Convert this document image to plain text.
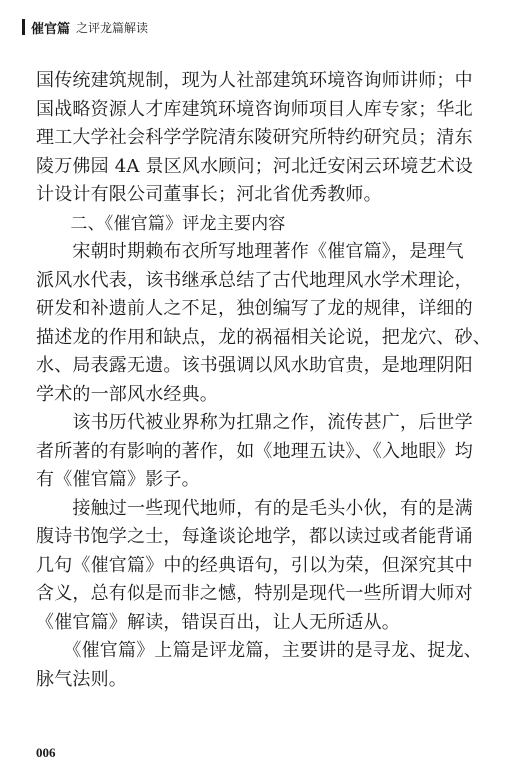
催官篇 之评龙篇解读
国传统建筑规制，现为人社部建筑环境咨询师讲师；中
国战略资源人才库建筑环境咨询师项目人库专家；华北
理工大学社会科学学院清东陵研究所特约研究员；清东
陵万佛园 4A 景区风水顾问；河北迁安闲云环境艺术设
计设计有限公司董事长；河北省优秀教师。
　　二、《催官篇》评龙主要内容
　　宋朝时期赖布衣所写地理著作《催官篇》，是理气
派风水代表，该书继承总结了古代地理风水学术理论，
研发和补遗前人之不足，独创编写了龙的规律，详细的
描述龙的作用和缺点，龙的祸福相关论说，把龙穴、砂、
水、局表露无遗。该书强调以风水助官贵，是地理阴阳
学术的一部风水经典。
　　该书历代被业界称为扛鼎之作，流传甚广，后世学
者所著的有影响的著作，如《地理五诀》、《入地眼》均
有《催官篇》影子。
　　接触过一些现代地师，有的是毛头小伙，有的是满
腹诗书饱学之士，每逢谈论地学，都以读过或者能背诵
几句《催官篇》中的经典语句，引以为荣，但深究其中
含义，总有似是而非之憾，特别是现代一些所谓大师对
《催官篇》解读，错误百出，让人无所适从。
　　《催官篇》上篇是评龙篇，主要讲的是寻龙、捉龙、
脉气法则。
006
